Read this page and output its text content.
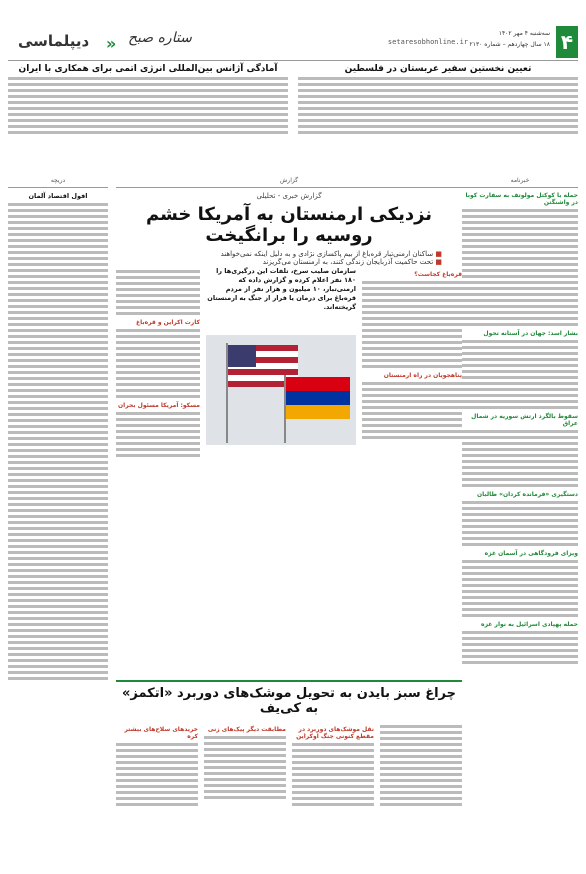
۴
سه‌شنبه ۴ مهر ۱۴۰۲
۱۸ سال چهاردهم – شماره ۲۱۳۰
setaresobhonline.ir
« ستاره صبح
دیپلماسی
تعیین نخستین سفیر عربستان در فلسطین
آمادگی آژانس بین‌المللی انرژی اتمی برای همکاری با ایران
خبرنامه
حمله با کوکتل مولوتف به سفارت کوبا در واشنگتن
بشار اسد: جهان در آستانه تحول
سقوط بالگرد ارتش سوریه در شمال عراق
دستگیری «فرمانده کردان» طالبان
ویزای فرودگاهی در آسمان غزه
حمله پهپادی اسرائیل به نوار غزه
دریچه
افول اقتصاد آلمان
گزارش
گزارش خبری - تحلیلی
نزدیکی ارمنستان به آمریکا خشم روسیه را برانگیخت
■ ساکنان ارمنی‌تبار قره‌باغ از بیم پاکسازی نژادی و به دلیل اینکه نمی‌خواهند
■ تحت حاکمیت آذربایجان زندگی کنند، به ارمنستان می‌گریزند
سازمان صلیب سرخ، تلفات این درگیری‌ها را ۱۸۰ نفر اعلام کرده و گزارش داده که ارمنی‌تبار، ۱۰ میلیون و هزار نفر از مردم قره‌باغ برای درمان یا فرار از جنگ به ارمنستان گریخته‌اند.
قره‌باغ کجاست؟
پناهجویان در راه ارمنستان
کارت اکراین و قره‌باغ
مسکو: آمریکا مسئول بحران
چراغ سبز بایدن به تحویل موشک‌های دوربرد «اتکمز» به کی‌یف
نقل موشک‌های دوربرد در مقطع کنونی جنگ اوکراین
مطابقت دیگر پیک‌های زنی
خریدهای سلاح‌های بیشتر کره
